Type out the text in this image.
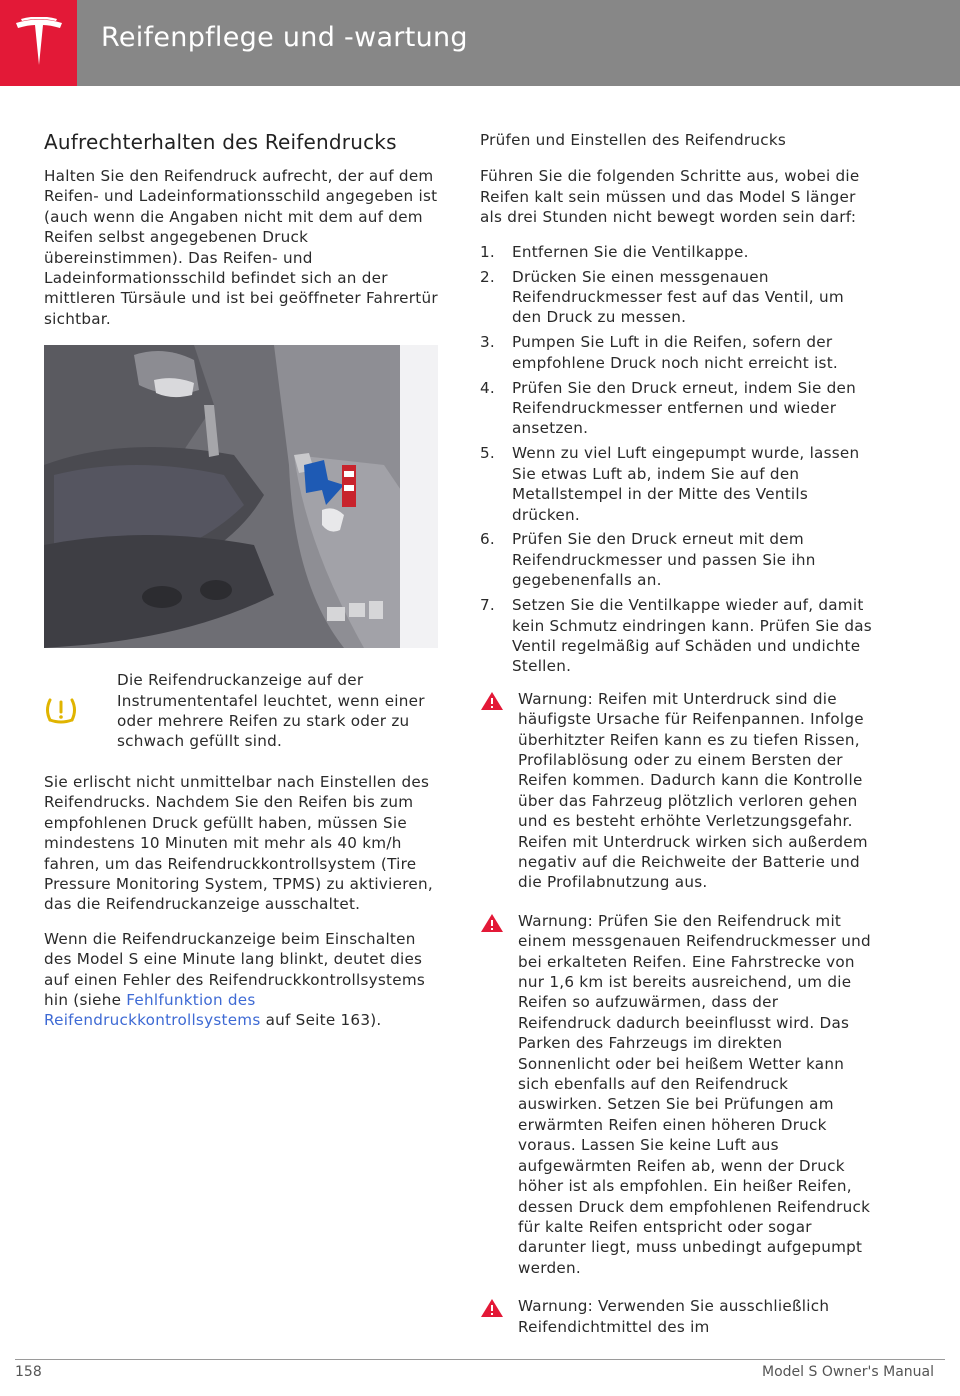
Reifenpflege und -wartung
Aufrechterhalten des Reifendrucks

Halten Sie den Reifendruck aufrecht, der auf dem Reifen- und Ladeinformationsschild angegeben ist (auch wenn die Angaben nicht mit dem auf dem Reifen selbst angegebenen Druck übereinstimmen). Das Reifen- und Ladeinformationsschild befindet sich an der mittleren Türsäule und ist bei geöffneter Fahrertür sichtbar.

Die Reifendruckanzeige auf der Instrumententafel leuchtet, wenn einer oder mehrere Reifen zu stark oder zu schwach gefüllt sind.

Sie erlischt nicht unmittelbar nach Einstellen des Reifendrucks. Nachdem Sie den Reifen bis zum empfohlenen Druck gefüllt haben, müssen Sie mindestens 10 Minuten mit mehr als 40 km/h fahren, um das Reifendruckkontrollsystem (Tire Pressure Monitoring System, TPMS) zu aktivieren, das die Reifendruckanzeige ausschaltet.

Wenn die Reifendruckanzeige beim Einschalten des Model S eine Minute lang blinkt, deutet dies auf einen Fehler des Reifendruckkontrollsystems hin (siehe Fehlfunktion des Reifendruckkontrollsystems auf Seite 163).

Prüfen und Einstellen des Reifendrucks

Führen Sie die folgenden Schritte aus, wobei die Reifen kalt sein müssen und das Model S länger als drei Stunden nicht bewegt worden sein darf:

1.	Entfernen Sie die Ventilkappe.
2.	Drücken Sie einen messgenauen Reifendruckmesser fest auf das Ventil, um den Druck zu messen.
3.	Pumpen Sie Luft in die Reifen, sofern der empfohlene Druck noch nicht erreicht ist.
4.	Prüfen Sie den Druck erneut, indem Sie den Reifendruckmesser entfernen und wieder ansetzen.
5.	Wenn zu viel Luft eingepumpt wurde, lassen Sie etwas Luft ab, indem Sie auf den Metallstempel in der Mitte des Ventils drücken.
6.	Prüfen Sie den Druck erneut mit dem Reifendruckmesser und passen Sie ihn gegebenenfalls an.
7.	Setzen Sie die Ventilkappe wieder auf, damit kein Schmutz eindringen kann. Prüfen Sie das Ventil regelmäßig auf Schäden und undichte Stellen.
Warnung: Reifen mit Unterdruck sind die häufigste Ursache für Reifenpannen. Infolge überhitzter Reifen kann es zu tiefen Rissen, Profilablösung oder zu einem Bersten der Reifen kommen. Dadurch kann die Kontrolle über das Fahrzeug plötzlich verloren gehen und es besteht erhöhte Verletzungsgefahr. Reifen mit Unterdruck wirken sich außerdem negativ auf die Reichweite der Batterie und die Profilabnutzung aus.
Warnung: Prüfen Sie den Reifendruck mit einem messgenauen Reifendruckmesser und bei erkalteten Reifen. Eine Fahrstrecke von nur 1,6 km ist bereits ausreichend, um die Reifen so aufzuwärmen, dass der Reifendruck dadurch beeinflusst wird. Das Parken des Fahrzeugs im direkten Sonnenlicht oder bei heißem Wetter kann sich ebenfalls auf den Reifendruck auswirken. Setzen Sie bei Prüfungen am erwärmten Reifen einen höheren Druck voraus. Lassen Sie keine Luft aus aufgewärmten Reifen ab, wenn der Druck höher ist als empfohlen. Ein heißer Reifen, dessen Druck dem empfohlenen Reifendruck für kalte Reifen entspricht oder sogar darunter liegt, muss unbedingt aufgepumpt werden.
Warnung: Verwenden Sie ausschließlich Reifendichtmittel des im
158	Model S Owner's Manual
